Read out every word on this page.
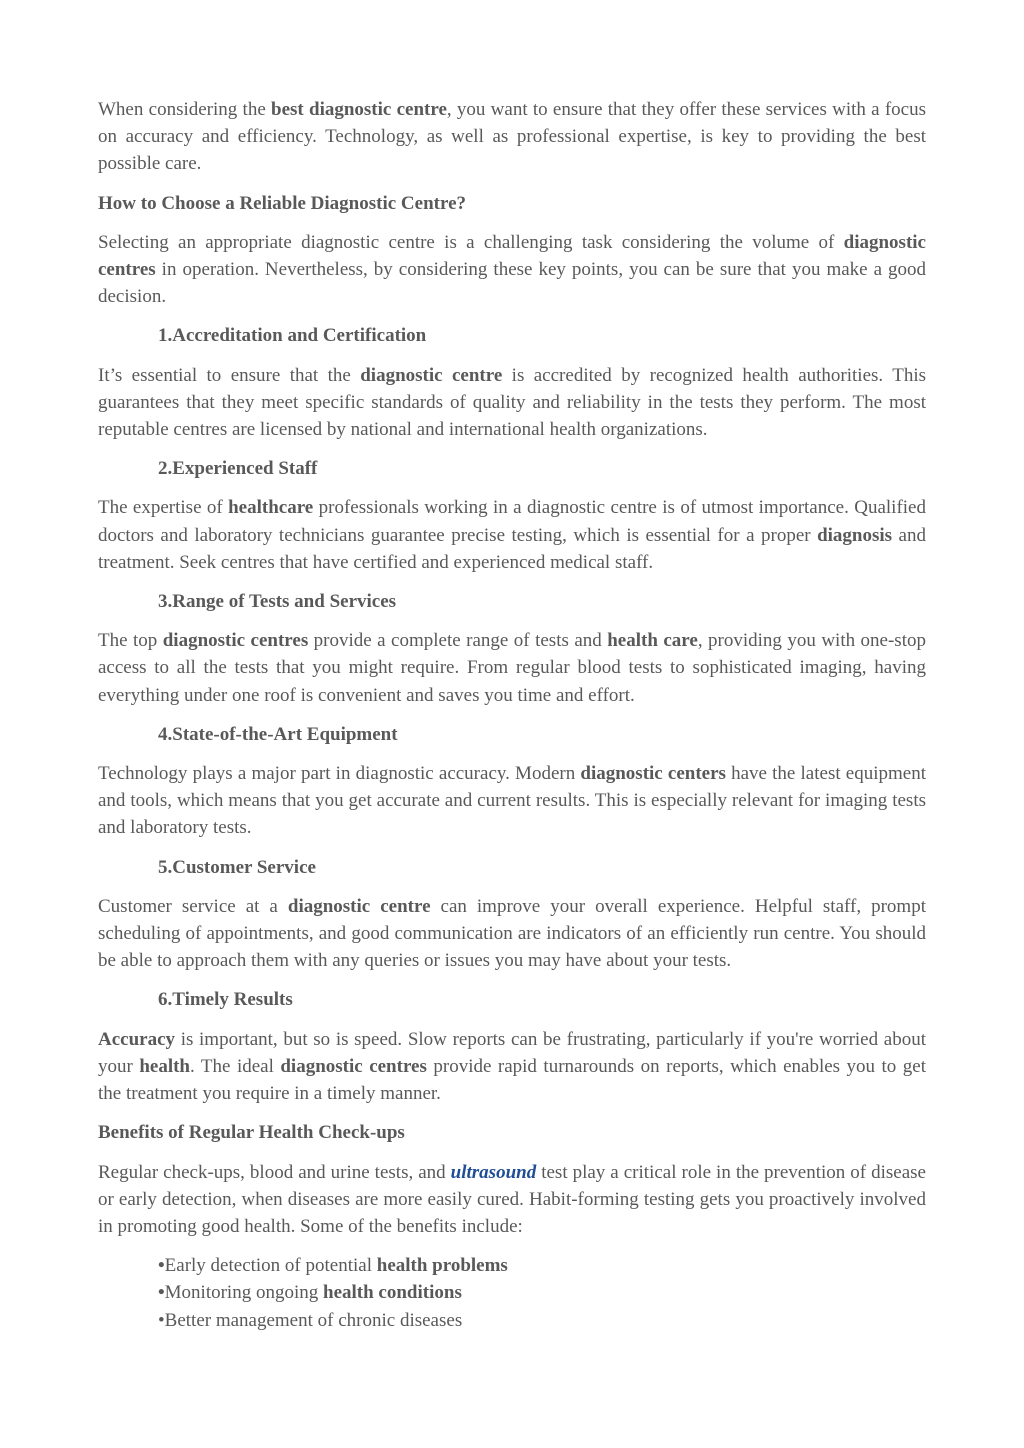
When considering the best diagnostic centre, you want to ensure that they offer these services with a focus on accuracy and efficiency. Technology, as well as professional expertise, is key to providing the best possible care.

How to Choose a Reliable Diagnostic Centre?

Selecting an appropriate diagnostic centre is a challenging task considering the volume of diagnostic centres in operation. Nevertheless, by considering these key points, you can be sure that you make a good decision.

1.Accreditation and Certification

It’s essential to ensure that the diagnostic centre is accredited by recognized health authorities. This guarantees that they meet specific standards of quality and reliability in the tests they perform. The most reputable centres are licensed by national and international health organizations.

2.Experienced Staff

The expertise of healthcare professionals working in a diagnostic centre is of utmost importance. Qualified doctors and laboratory technicians guarantee precise testing, which is essential for a proper diagnosis and treatment. Seek centres that have certified and experienced medical staff.

3.Range of Tests and Services

The top diagnostic centres provide a complete range of tests and health care, providing you with one-stop access to all the tests that you might require. From regular blood tests to sophisticated imaging, having everything under one roof is convenient and saves you time and effort.

4.State-of-the-Art Equipment

Technology plays a major part in diagnostic accuracy. Modern diagnostic centers have the latest equipment and tools, which means that you get accurate and current results. This is especially relevant for imaging tests and laboratory tests.

5.Customer Service

Customer service at a diagnostic centre can improve your overall experience. Helpful staff, prompt scheduling of appointments, and good communication are indicators of an efficiently run centre. You should be able to approach them with any queries or issues you may have about your tests.

6.Timely Results

Accuracy is important, but so is speed. Slow reports can be frustrating, particularly if you're worried about your health. The ideal diagnostic centres provide rapid turnarounds on reports, which enables you to get the treatment you require in a timely manner.

Benefits of Regular Health Check-ups

Regular check-ups, blood and urine tests, and ultrasound test play a critical role in the prevention of disease or early detection, when diseases are more easily cured. Habit-forming testing gets you proactively involved in promoting good health. Some of the benefits include:

•Early detection of potential health problems
•Monitoring ongoing health conditions
•Better management of chronic diseases
